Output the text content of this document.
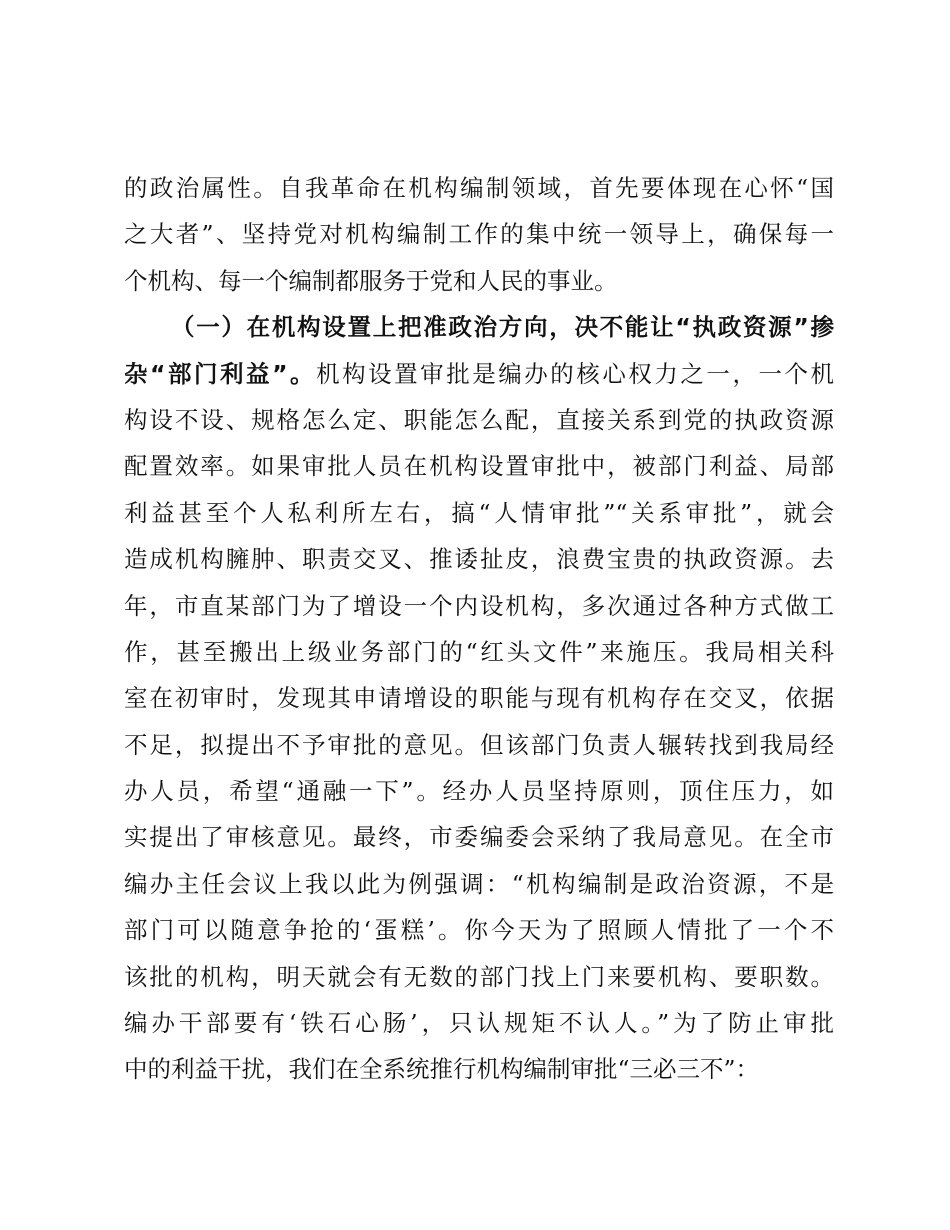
的政治属性。自我革命在机构编制领域，首先要体现在心怀“国
之大者”、坚持党对机构编制工作的集中统一领导上，确保每一
个机构、每一个编制都服务于党和人民的事业。
（一）在机构设置上把准政治方向，决不能让“执政资源”掺
杂“部门利益”。机构设置审批是编办的核心权力之一，一个机
构设不设、规格怎么定、职能怎么配，直接关系到党的执政资源
配置效率。如果审批人员在机构设置审批中，被部门利益、局部
利益甚至个人私利所左右，搞“人情审批”“关系审批”，就会
造成机构臃肿、职责交叉、推诿扯皮，浪费宝贵的执政资源。去
年，市直某部门为了增设一个内设机构，多次通过各种方式做工
作，甚至搬出上级业务部门的“红头文件”来施压。我局相关科
室在初审时，发现其申请增设的职能与现有机构存在交叉，依据
不足，拟提出不予审批的意见。但该部门负责人辗转找到我局经
办人员，希望“通融一下”。经办人员坚持原则，顶住压力，如
实提出了审核意见。最终，市委编委会采纳了我局意见。在全市
编办主任会议上我以此为例强调：“机构编制是政治资源，不是
部门可以随意争抢的‘蛋糕’。你今天为了照顾人情批了一个不
该批的机构，明天就会有无数的部门找上门来要机构、要职数。
编办干部要有‘铁石心肠’，只认规矩不认人。”为了防止审批
中的利益干扰，我们在全系统推行机构编制审批“三必三不”：
